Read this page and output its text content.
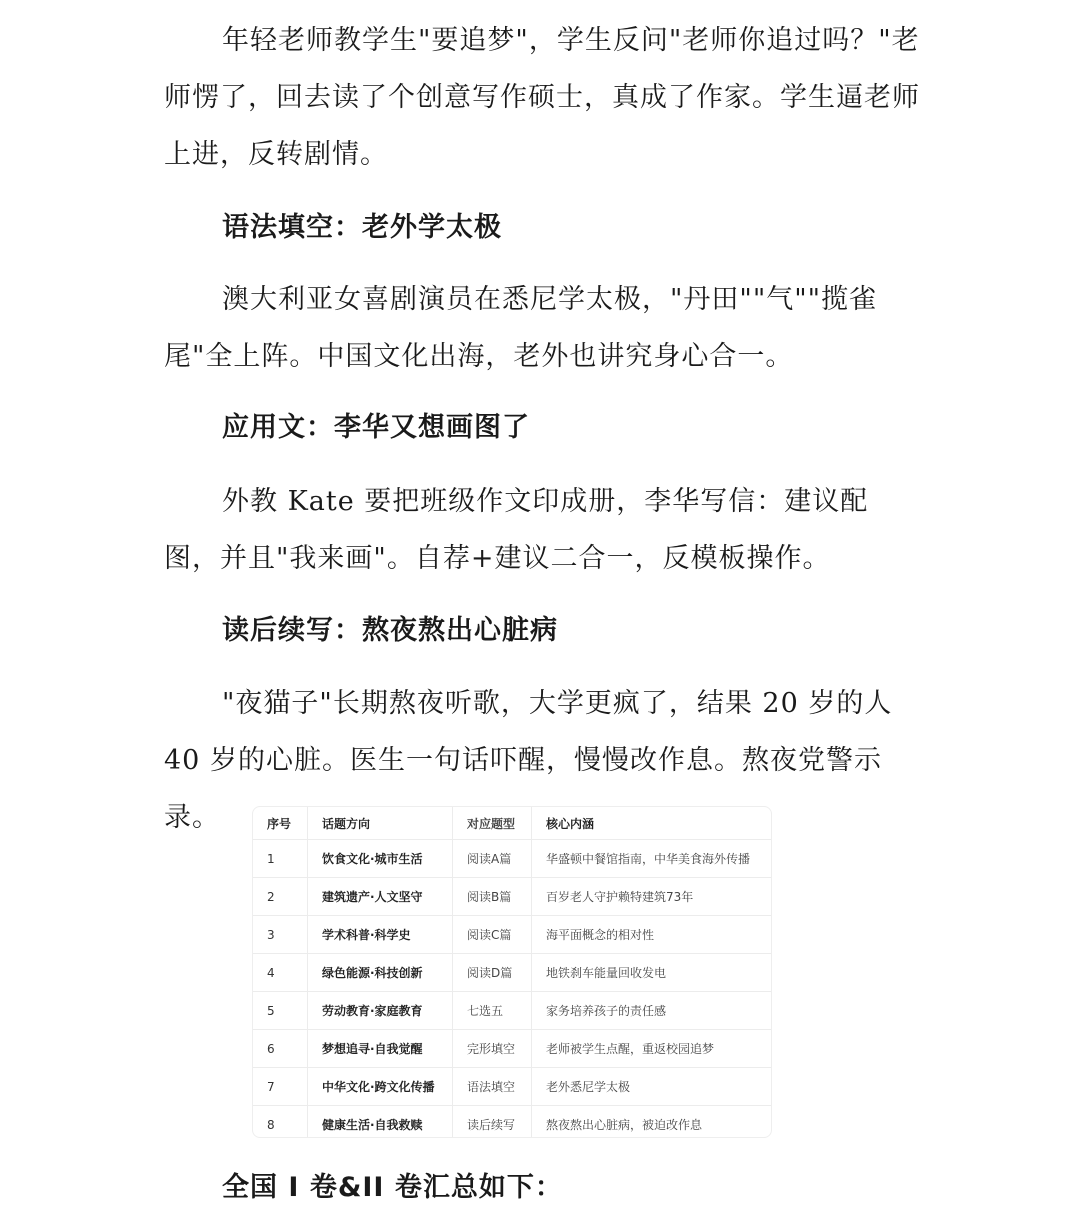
年轻老师教学生"要追梦"，学生反问"老师你追过吗？"老师愣了，回去读了个创意写作硕士，真成了作家。学生逼老师上进，反转剧情。

语法填空：老外学太极

澳大利亚女喜剧演员在悉尼学太极，"丹田""气""揽雀尾"全上阵。中国文化出海，老外也讲究身心合一。

应用文：李华又想画图了

外教 Kate 要把班级作文印成册，李华写信：建议配图，并且"我来画"。自荐+建议二合一，反模板操作。

读后续写：熬夜熬出心脏病

"夜猫子"长期熬夜听歌，大学更疯了，结果 20 岁的人 40 岁的心脏。医生一句话吓醒，慢慢改作息。熬夜党警示录。	序号	话题方向	对应题型	核心内涵
1	饮食文化·城市生活	阅读A篇	华盛顿中餐馆指南，中华美食海外传播
2	建筑遗产·人文坚守	阅读B篇	百岁老人守护赖特建筑73年
3	学术科普·科学史	阅读C篇	海平面概念的相对性
4	绿色能源·科技创新	阅读D篇	地铁刹车能量回收发电
5	劳动教育·家庭教育	七选五	家务培养孩子的责任感
6	梦想追寻·自我觉醒	完形填空	老师被学生点醒，重返校园追梦
7	中华文化·跨文化传播	语法填空	老外悉尼学太极
8	健康生活·自我救赎	读后续写	熬夜熬出心脏病，被迫改作息

全国 I 卷&II 卷汇总如下：
